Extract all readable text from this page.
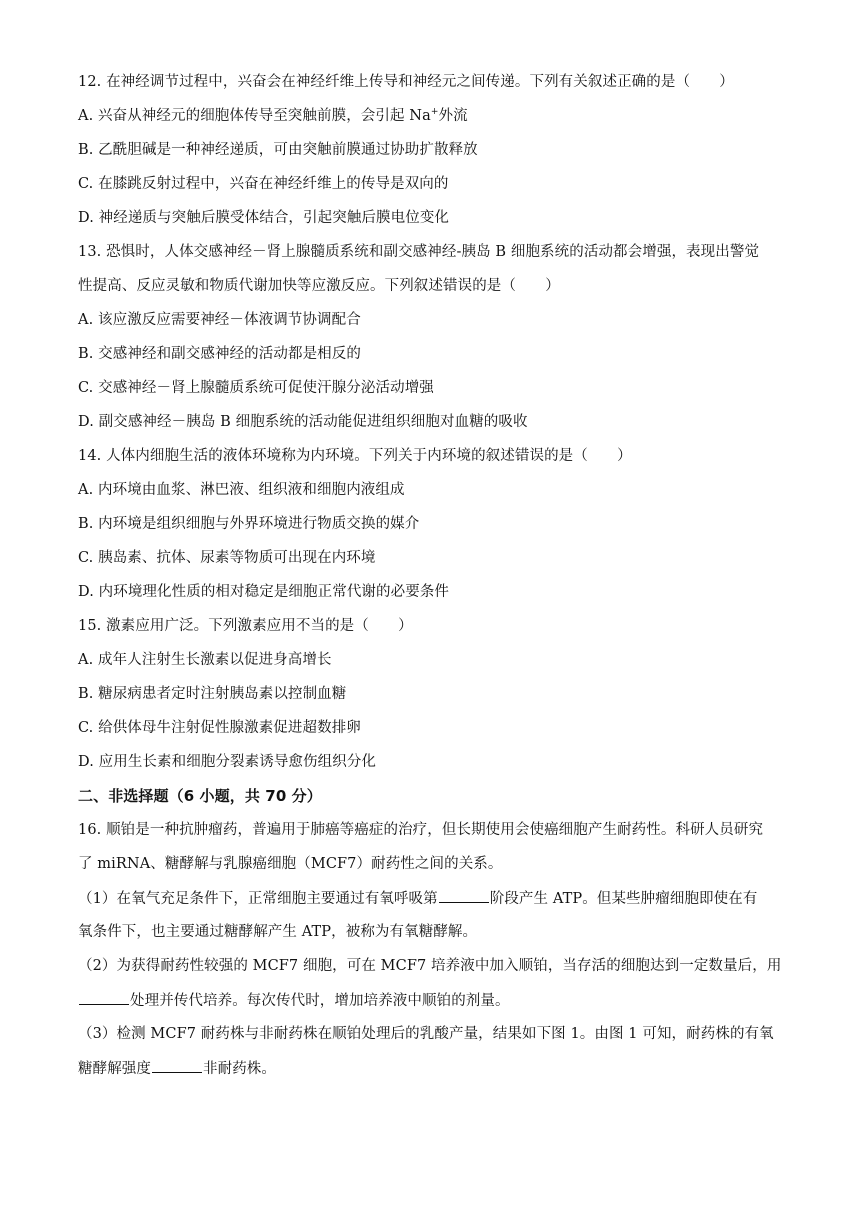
12. 在神经调节过程中，兴奋会在神经纤维上传导和神经元之间传递。下列有关叙述正确的是（　　）
A. 兴奋从神经元的细胞体传导至突触前膜，会引起 Na+外流
B. 乙酰胆碱是一种神经递质，可由突触前膜通过协助扩散释放
C. 在膝跳反射过程中，兴奋在神经纤维上的传导是双向的
D. 神经递质与突触后膜受体结合，引起突触后膜电位变化
13. 恐惧时，人体交感神经－肾上腺髓质系统和副交感神经-胰岛 B 细胞系统的活动都会增强，表现出警觉
性提高、反应灵敏和物质代谢加快等应激反应。下列叙述错误的是（　　）
A. 该应激反应需要神经－体液调节协调配合
B. 交感神经和副交感神经的活动都是相反的
C. 交感神经－肾上腺髓质系统可促使汗腺分泌活动增强
D. 副交感神经－胰岛 B 细胞系统的活动能促进组织细胞对血糖的吸收
14. 人体内细胞生活的液体环境称为内环境。下列关于内环境的叙述错误的是（　　）
A. 内环境由血浆、淋巴液、组织液和细胞内液组成
B. 内环境是组织细胞与外界环境进行物质交换的媒介
C. 胰岛素、抗体、尿素等物质可出现在内环境
D. 内环境理化性质的相对稳定是细胞正常代谢的必要条件
15. 激素应用广泛。下列激素应用不当的是（　　）
A. 成年人注射生长激素以促进身高增长
B. 糖尿病患者定时注射胰岛素以控制血糖
C. 给供体母牛注射促性腺激素促进超数排卵
D. 应用生长素和细胞分裂素诱导愈伤组织分化
二、非选择题（6 小题，共 70 分）
16. 顺铂是一种抗肿瘤药，普遍用于肺癌等癌症的治疗，但长期使用会使癌细胞产生耐药性。科研人员研究
了 miRNA、糖酵解与乳腺癌细胞（MCF7）耐药性之间的关系。
（1）在氧气充足条件下，正常细胞主要通过有氧呼吸第	阶段产生 ATP。但某些肿瘤细胞即使在有
氧条件下，也主要通过糖酵解产生 ATP，被称为有氧糖酵解。
（2）为获得耐药性较强的 MCF7 细胞，可在 MCF7 培养液中加入顺铂，当存活的细胞达到一定数量后，用
处理并传代培养。每次传代时，增加培养液中顺铂的剂量。
（3）检测 MCF7 耐药株与非耐药株在顺铂处理后的乳酸产量，结果如下图 1。由图 1 可知，耐药株的有氧
糖酵解强度	非耐药株。
